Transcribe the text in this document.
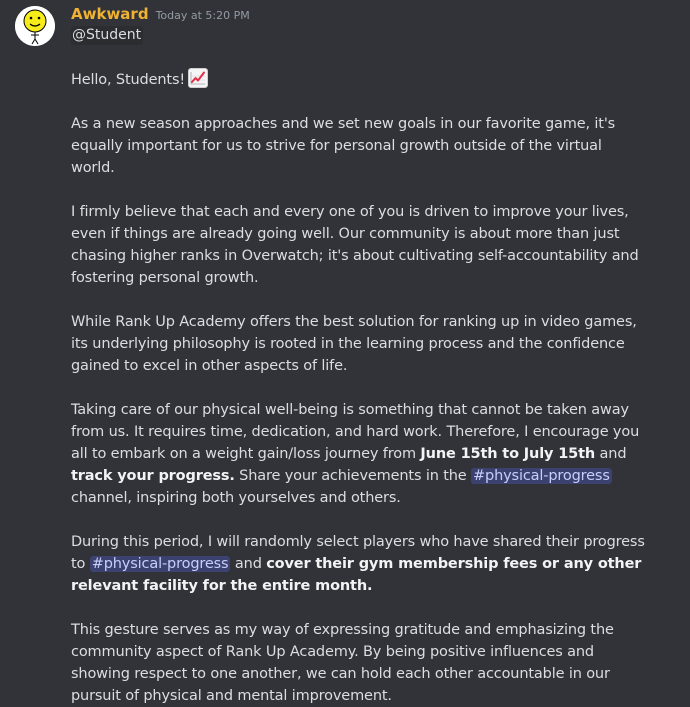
Awkward Today at 5:20 PM
@Student

Hello, Students!

As a new season approaches and we set new goals in our favorite game, it's equally important for us to strive for personal growth outside of the virtual world.

I firmly believe that each and every one of you is driven to improve your lives, even if things are already going well. Our community is about more than just chasing higher ranks in Overwatch; it's about cultivating self-accountability and fostering personal growth.

While Rank Up Academy offers the best solution for ranking up in video games, its underlying philosophy is rooted in the learning process and the confidence gained to excel in other aspects of life.

Taking care of our physical well-being is something that cannot be taken away from us. It requires time, dedication, and hard work. Therefore, I encourage you all to embark on a weight gain/loss journey from June 15th to July 15th and track your progress. Share your achievements in the #physical-progress channel, inspiring both yourselves and others.

During this period, I will randomly select players who have shared their progress to #physical-progress and cover their gym membership fees or any other relevant facility for the entire month.

This gesture serves as my way of expressing gratitude and emphasizing the community aspect of Rank Up Academy. By being positive influences and showing respect to one another, we can hold each other accountable in our pursuit of physical and mental improvement.
